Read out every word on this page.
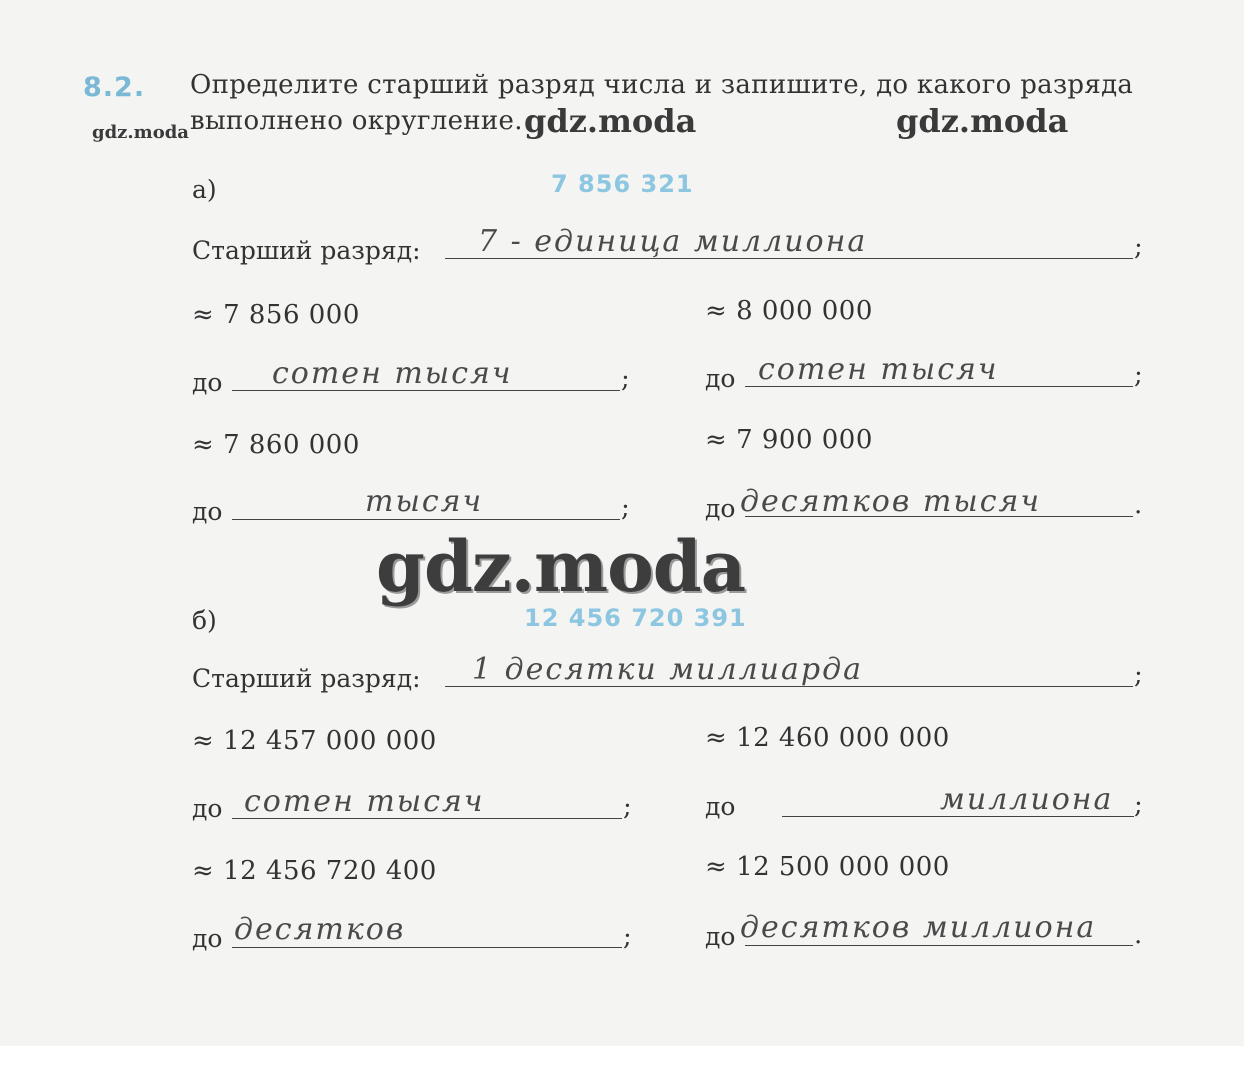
8.2. Определите старший разряд числа и запишите, до какого разряда
выполнено округление.
gdz.moda	gdz.moda	gdz.moda
а)	7 856 321
Старший разряд: 7 - единица миллиона	;
≈ 7 856 000	≈ 8 000 000
до сотен тысяч	;	до сотен тысяч	;
≈ 7 860 000	≈ 7 900 000
до	тысяч	;	до десятков тысяч	.
gdz.moda
б)	12 456 720 391
Старший разряд: 1 десятки миллиарда	;
≈ 12 457 000 000	≈ 12 460 000 000
до сотен тысяч	;	до	миллиона ;
≈ 12 456 720 400	≈ 12 500 000 000
до десятков	;	до десятков миллиона .
